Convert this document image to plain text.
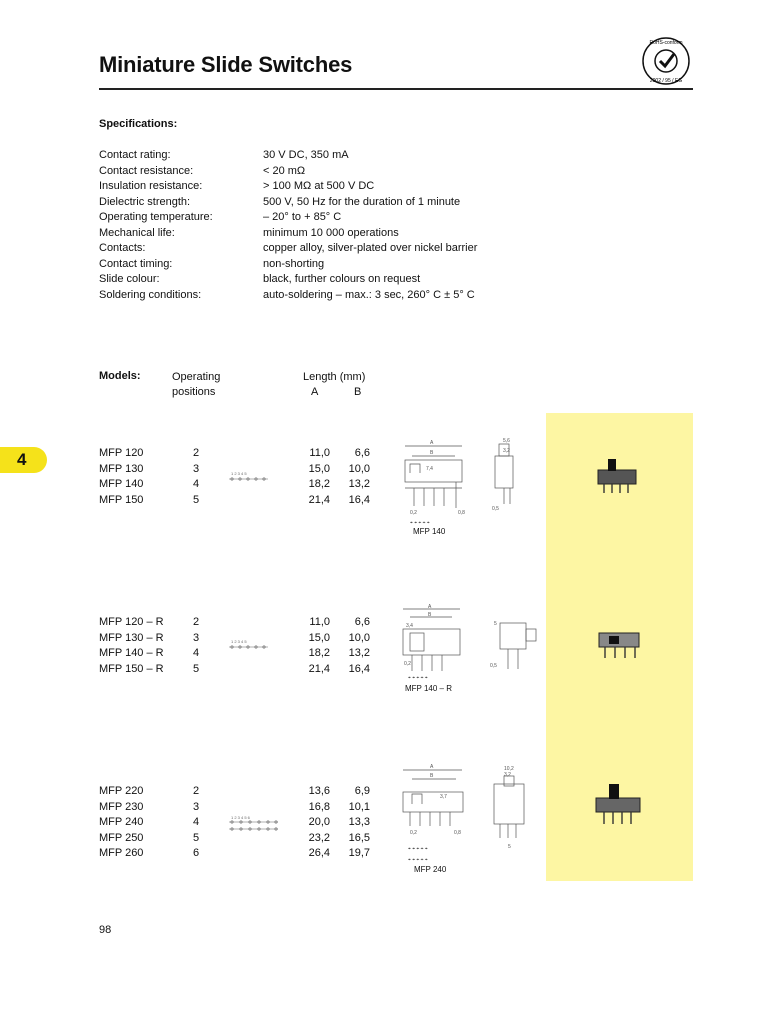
Miniature Slide Switches
RoHS-conform
2002 / 95 / EG
Specifications:
Contact rating:	30 V DC, 350 mA
Contact resistance:	< 20 mΩ
Insulation resistance:	> 100 MΩ at 500 V DC
Dielectric strength:	500 V, 50 Hz for the duration of 1 minute
Operating temperature:	– 20° to + 85° C
Mechanical life:	minimum 10 000 operations
Contacts:	copper alloy, silver-plated over nickel barrier
Contact timing:	non-shorting
Slide colour:	black, further colours on request
Soldering conditions:	auto-soldering – max.: 3 sec, 260° C ± 5° C
Models:	Operating
positions
Length (mm)
A	B
4	MFP 120	2	11,0	6,6
MFP 130	3	15,0	10,0
MFP 140	4	18,2	13,2
MFP 150	5	21,4	16,4
MFP 120 – R	2	11,0	6,6
MFP 130 – R	3	15,0	10,0
MFP 140 – R	4	18,2	13,2
MFP 150 – R	5	21,4	16,4
MFP 220	2	13,6	6,9
MFP 230	3	16,8	10,1
MFP 240	4	20,0	13,3
MFP 250	5	23,2	16,5
MFP 260	6	26,4	19,7
1 2 3 4 5
A
B
7,4
0,2	0,8
5,6
3,2
0,5
⌖ ⌖ ⌖ ⌖ ⌖
MFP 140
1 2 3 4 5
A
B
3,4
0,2
5
0,5
⌖ ⌖ ⌖ ⌖ ⌖
MFP 140 – R
1 2 3 4 5 6
A
B
3,7
0,2	0,8
10,2
3,2
5
⌖ ⌖ ⌖ ⌖ ⌖
⌖ ⌖ ⌖ ⌖ ⌖
MFP 240
98
